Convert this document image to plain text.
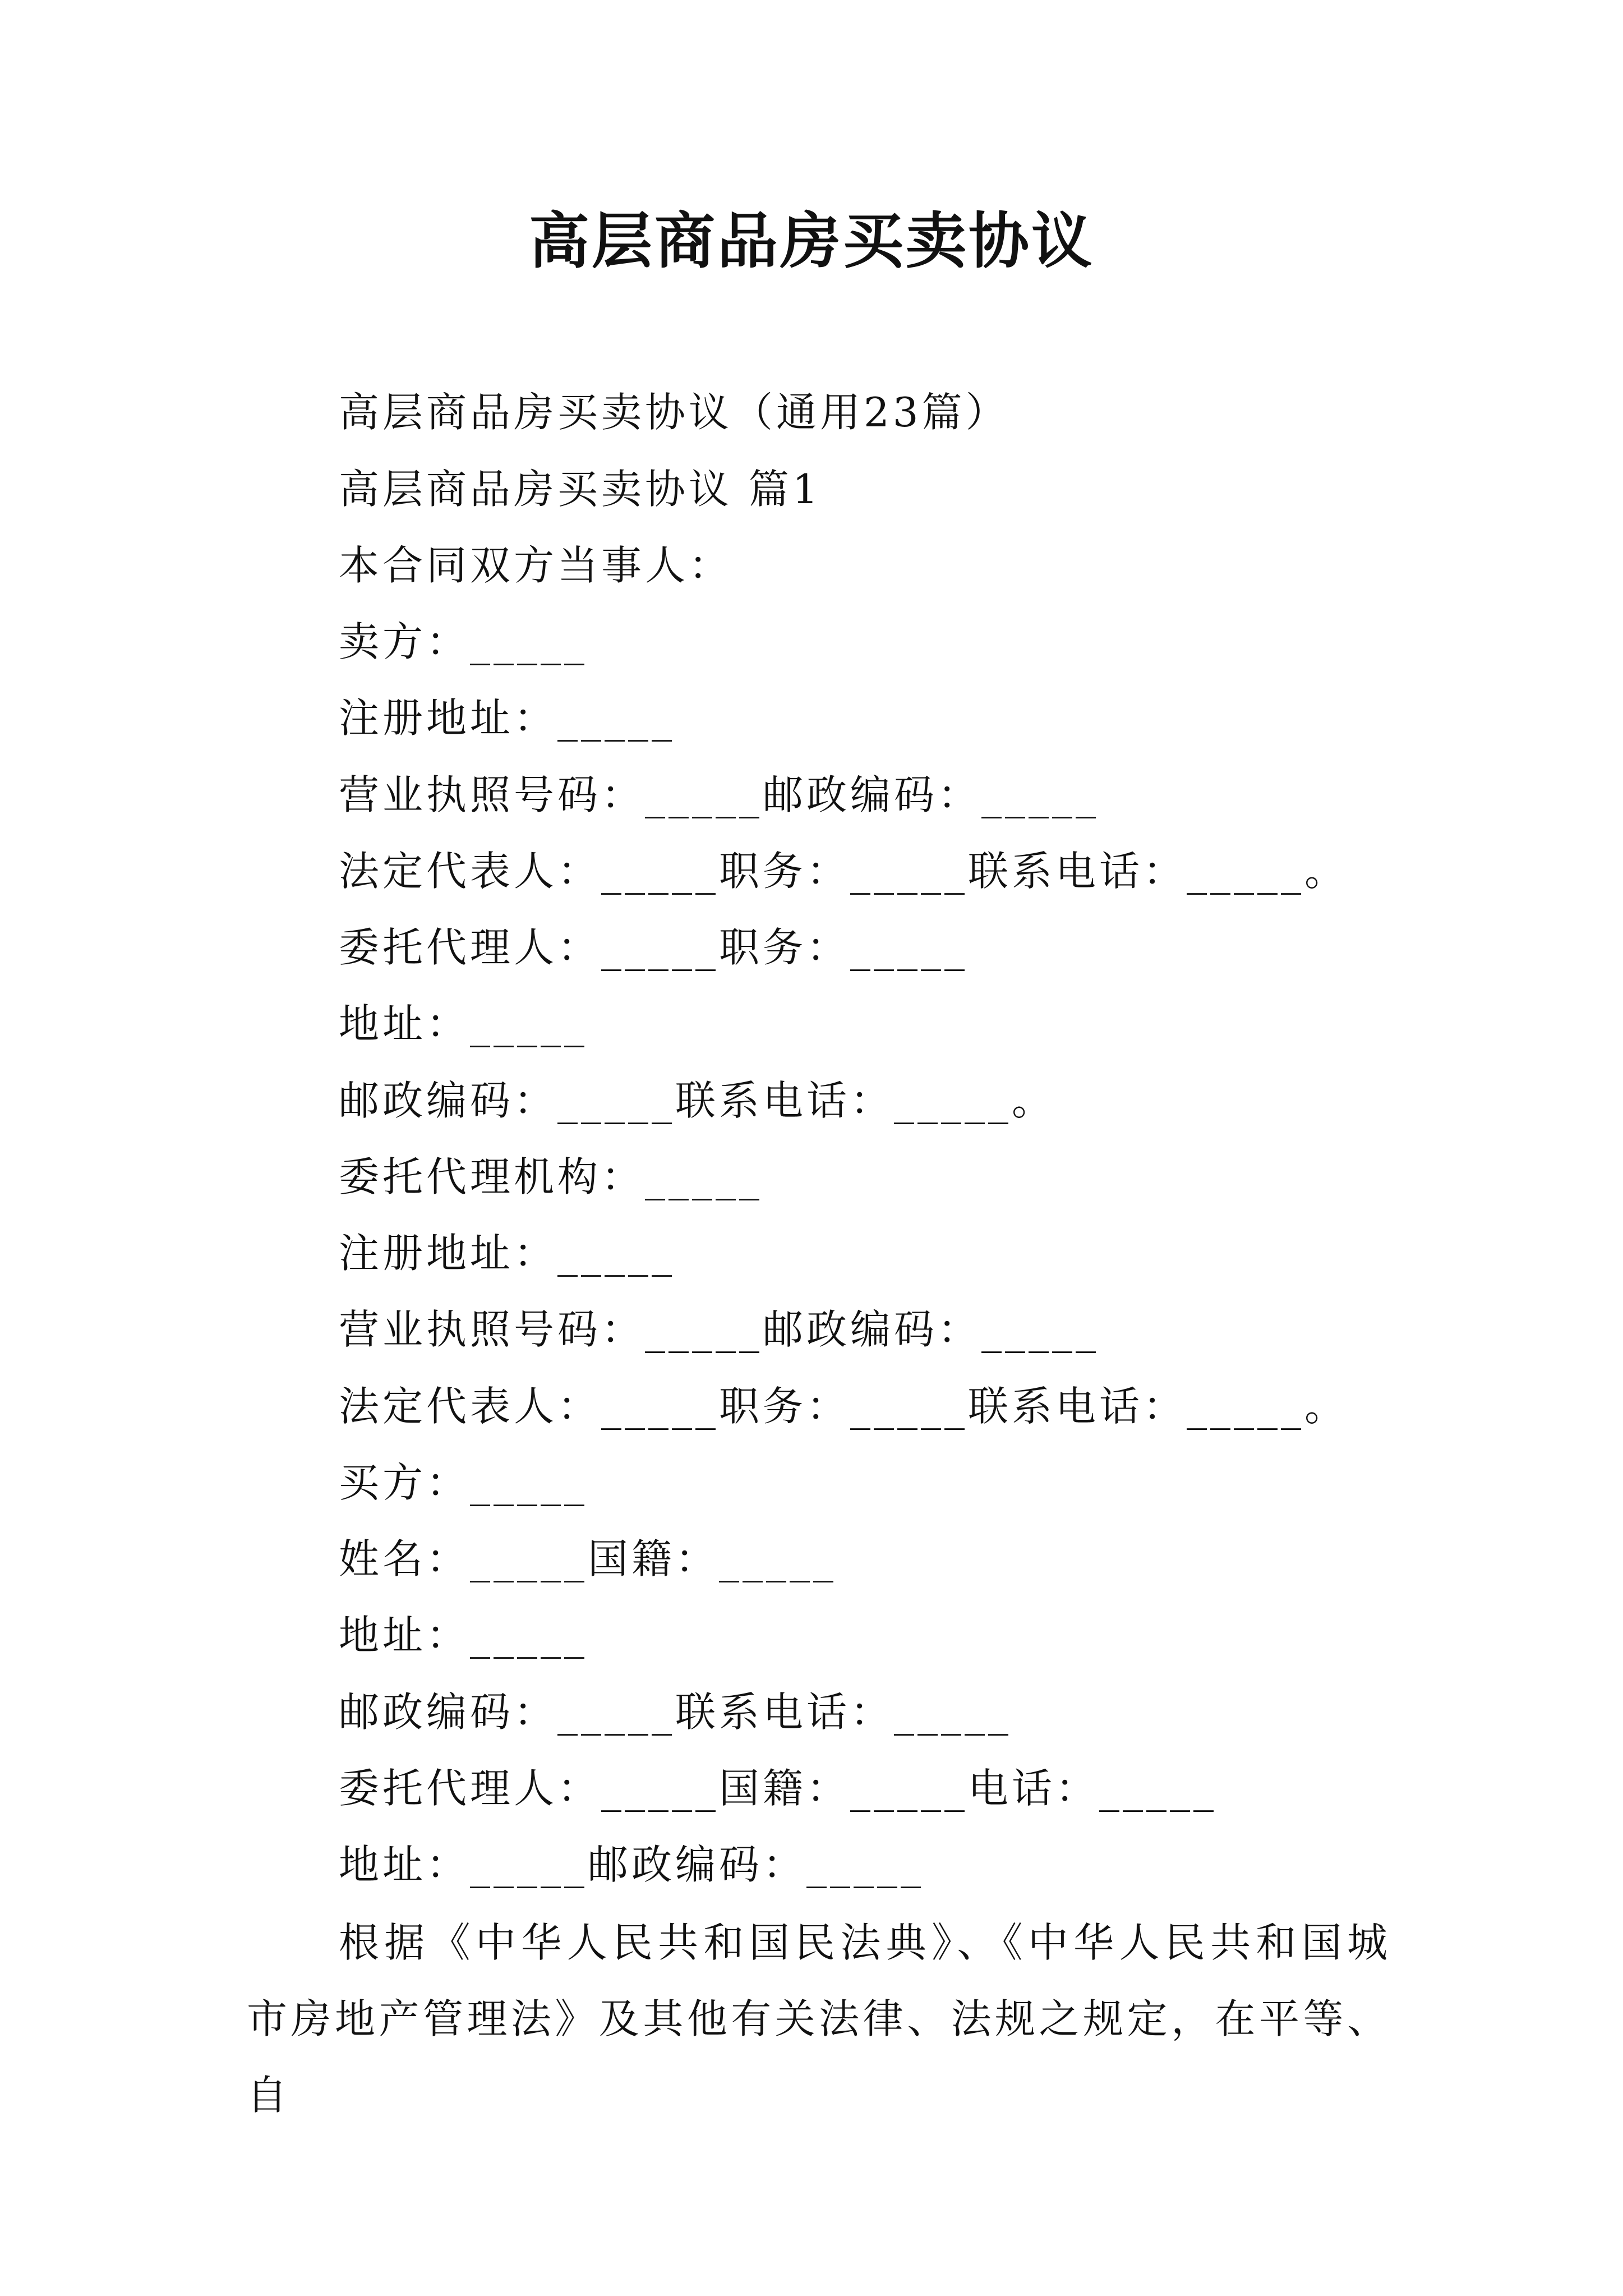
高层商品房买卖协议
高层商品房买卖协议（通用23篇）
高层商品房买卖协议 篇1
本合同双方当事人：
卖方：_____
注册地址：_____
营业执照号码：_____邮政编码：_____
法定代表人：_____职务：_____联系电话：_____。
委托代理人：_____职务：_____
地址：_____
邮政编码：_____联系电话：_____。
委托代理机构：_____
注册地址：_____
营业执照号码：_____邮政编码：_____
法定代表人：_____职务：_____联系电话：_____。
买方：_____
姓名：_____国籍：_____
地址：_____
邮政编码：_____联系电话：_____
委托代理人：_____国籍：_____电话：_____
地址：_____邮政编码：_____
根据《中华人民共和国民法典》、《中华人民共和国城市房地产管理法》及其他有关法律、法规之规定，在平等、自
